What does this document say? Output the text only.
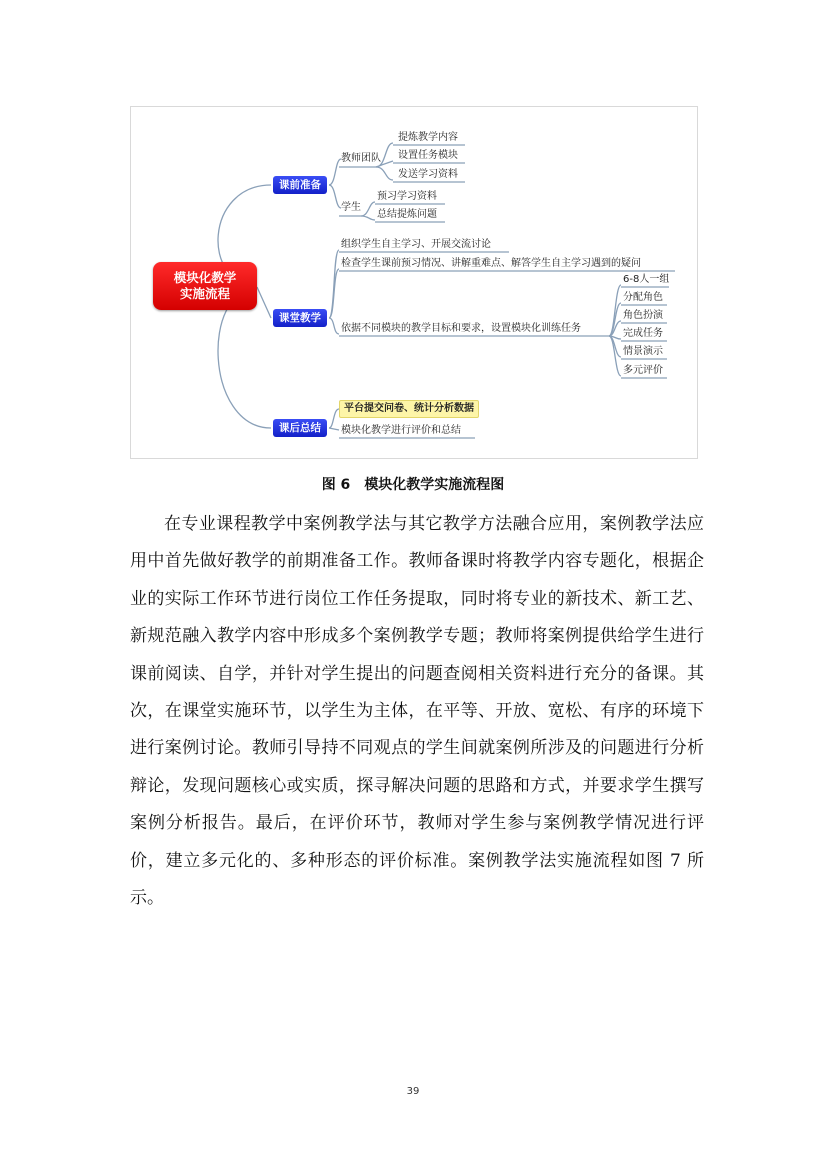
模块化教学
实施流程
课前准备
课堂教学
课后总结
教师团队
提炼教学内容
设置任务模块
发送学习资料
学生
预习学习资料
总结提炼问题
组织学生自主学习、开展交流讨论
检查学生课前预习情况、讲解重难点、解答学生自主学习遇到的疑问
依据不同模块的教学目标和要求，设置模块化训练任务
6-8人一组
分配角色
角色扮演
完成任务
情景演示
多元评价
平台提交问卷、统计分析数据
模块化教学进行评价和总结
图 6 模块化教学实施流程图
在专业课程教学中案例教学法与其它教学方法融合应用，案例教学法应用中首先做好教学的前期准备工作。教师备课时将教学内容专题化，根据企业的实际工作环节进行岗位工作任务提取，同时将专业的新技术、新工艺、新规范融入教学内容中形成多个案例教学专题；教师将案例提供给学生进行课前阅读、自学，并针对学生提出的问题查阅相关资料进行充分的备课。其次，在课堂实施环节，以学生为主体，在平等、开放、宽松、有序的环境下进行案例讨论。教师引导持不同观点的学生间就案例所涉及的问题进行分析辩论，发现问题核心或实质，探寻解决问题的思路和方式，并要求学生撰写案例分析报告。最后，在评价环节，教师对学生参与案例教学情况进行评价，建立多元化的、多种形态的评价标准。案例教学法实施流程如图 7 所示。
39
